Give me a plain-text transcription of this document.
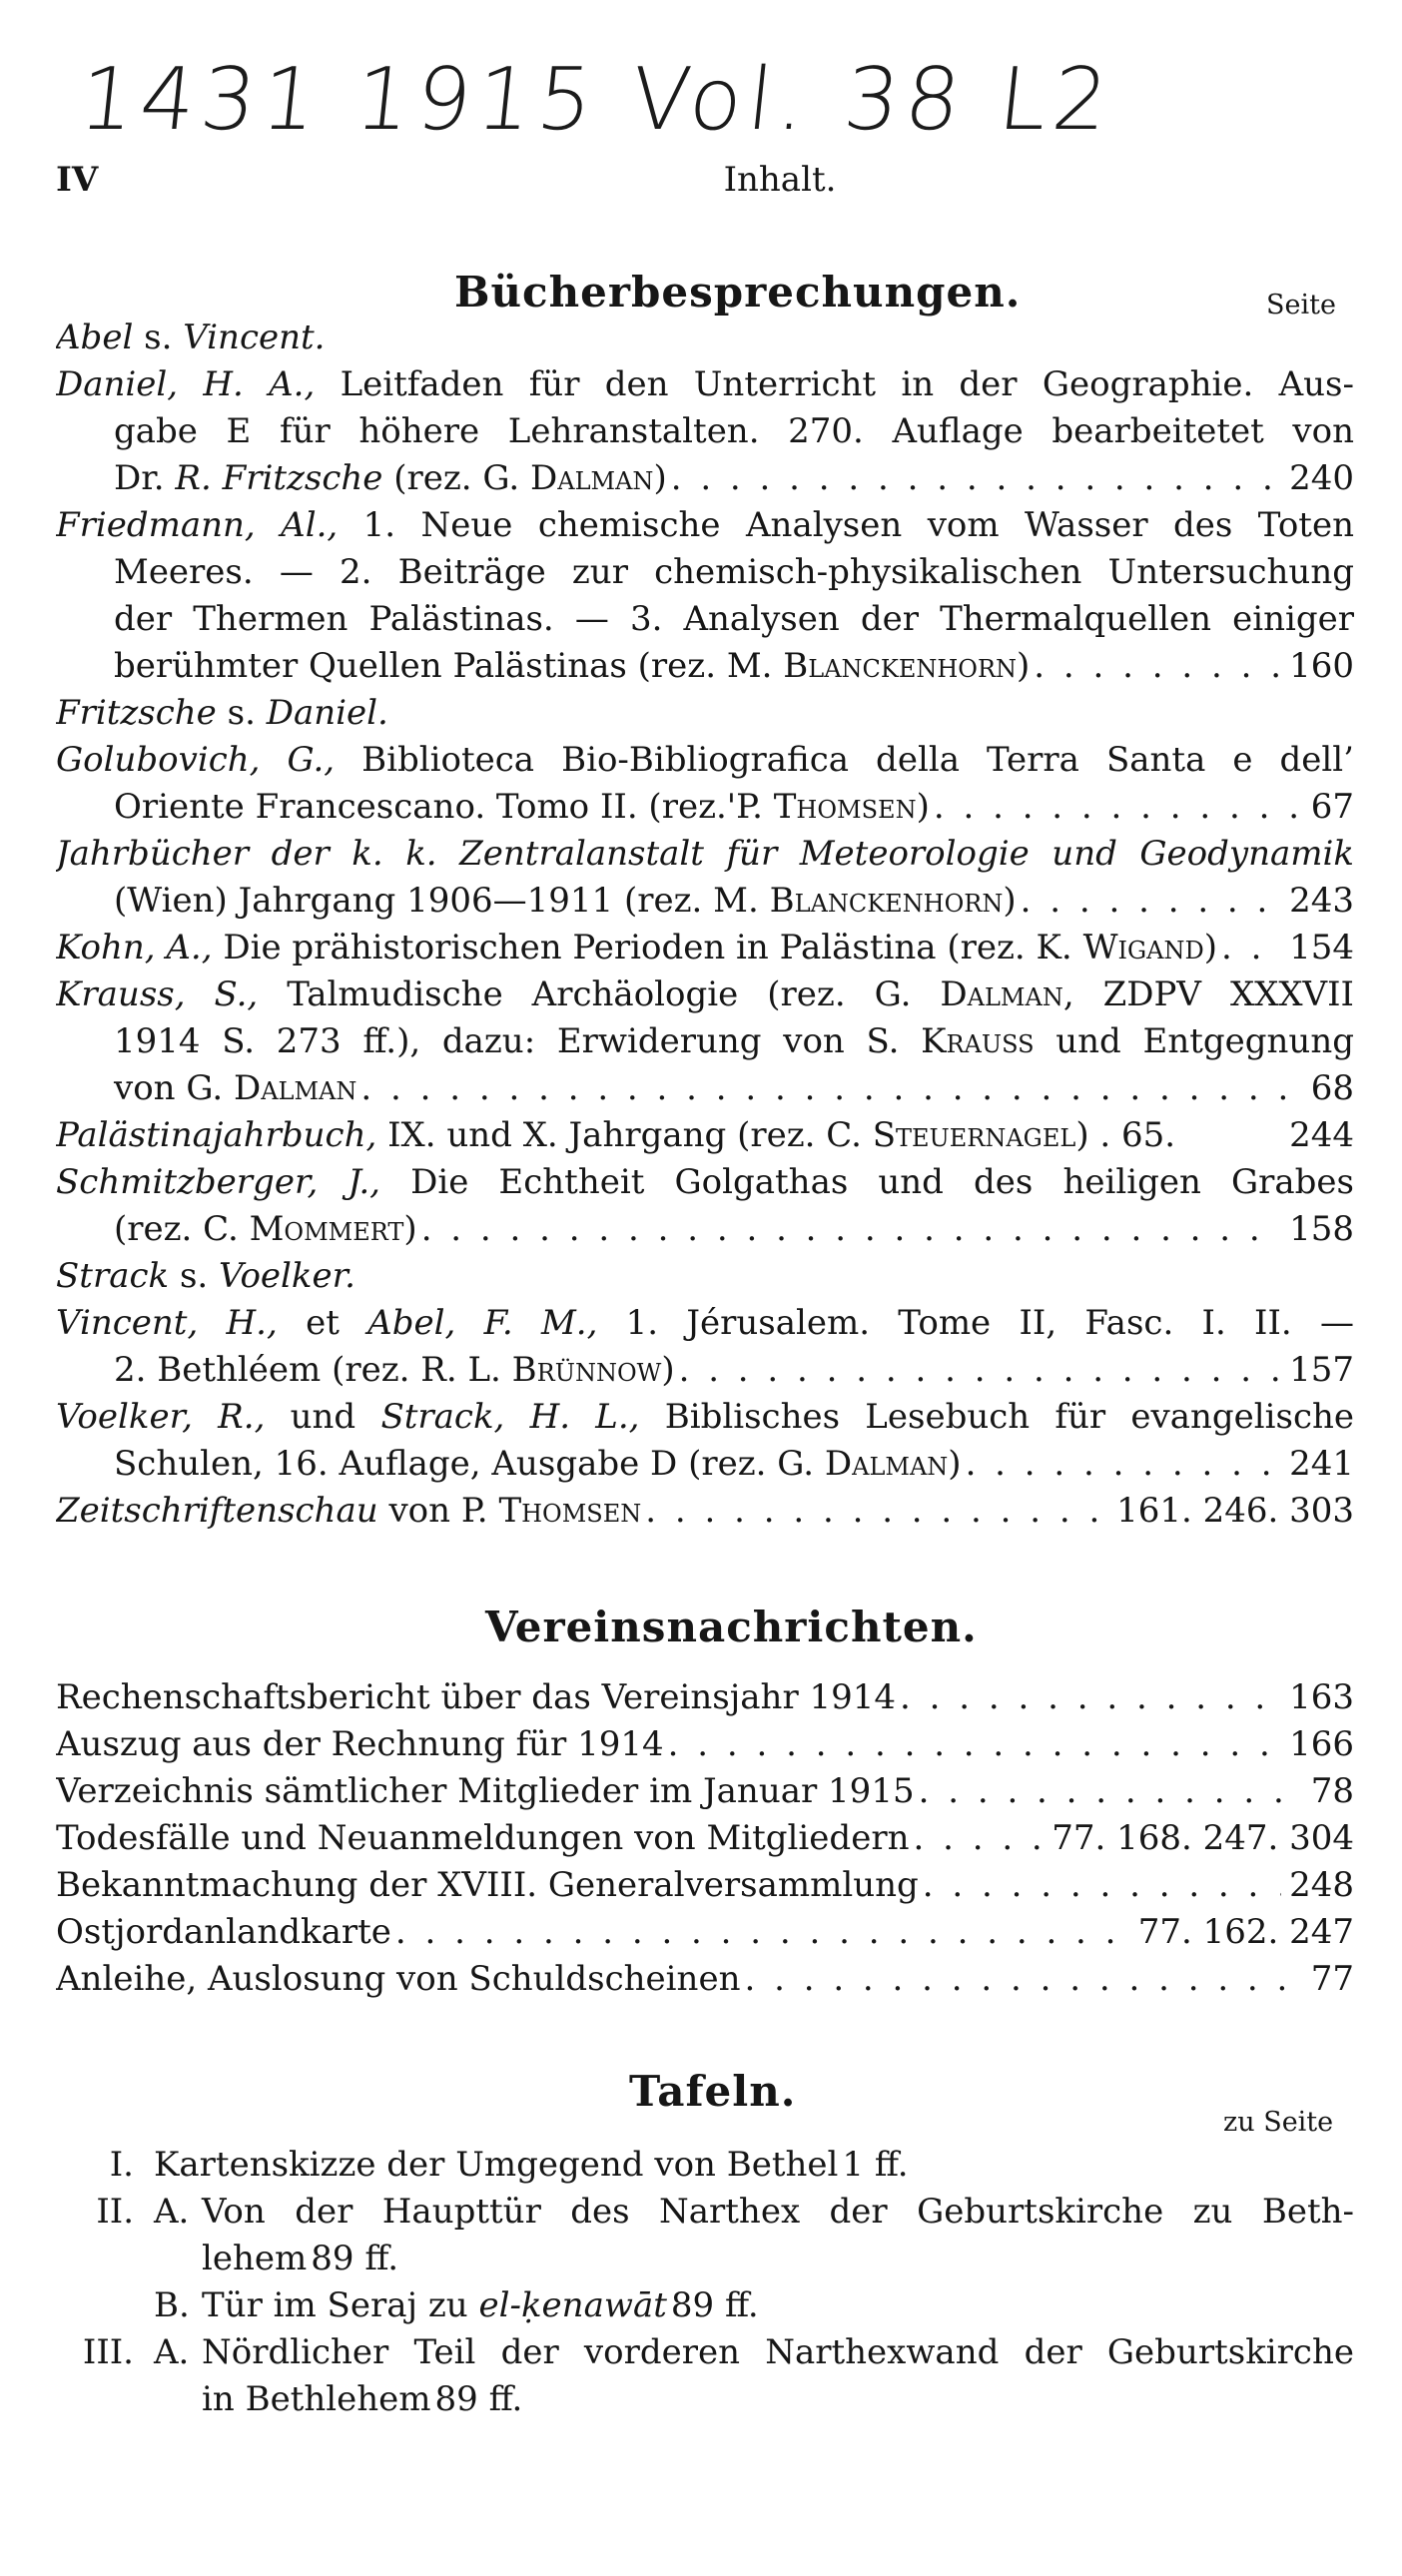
1431 1915 Vol. 38 L2
IV	Inhalt.
Bücherbesprechungen.	Seite
Abel s. Vincent.
Daniel, H. A., Leitfaden für den Unterricht in der Geographie. Aus-
gabe E für höhere Lehranstalten. 270. Auflage bearbeitetet von
Dr. R. Fritzsche (rez. G. Dalman) . . .	240
Friedmann, Al., 1. Neue chemische Analysen vom Wasser des Toten
Meeres. — 2. Beiträge zur chemisch-physikalischen Untersuchung
der Thermen Palästinas. — 3. Analysen der Thermalquellen einiger
berühmter Quellen Palästinas (rez. M. Blanckenhorn) . . .	160
Fritzsche s. Daniel.
Golubovich, G., Biblioteca Bio-Bibliografica della Terra Santa e dell’
Oriente Francescano. Tomo II. (rez.'P. Thomsen) . . .	67
Jahrbücher der k. k. Zentralanstalt für Meteorologie und Geodynamik
(Wien) Jahrgang 1906—1911 (rez. M. Blanckenhorn) . . .	243
Kohn, A., Die prähistorischen Perioden in Palästina (rez. K. Wigand) . . . 154
Krauss, S., Talmudische Archäologie (rez. G. Dalman, ZDPV XXXVII
1914 S. 273 ff.), dazu: Erwiderung von S. Krauss und Entgegnung
von G. Dalman . . .	68
Palästinajahrbuch, IX. und X. Jahrgang (rez. C. Steuernagel) . 65.	244
Schmitzberger, J., Die Echtheit Golgathas und des heiligen Grabes
(rez. C. Mommert) . . .	158
Strack s. Voelker.
Vincent, H., et Abel, F. M., 1. Jérusalem. Tome II, Fasc. I. II. —
2. Bethléem (rez. R. L. Brünnow) . . .	157
Voelker, R., und Strack, H. L., Biblisches Lesebuch für evangelische
Schulen, 16. Auflage, Ausgabe D (rez. G. Dalman) . . .	241
Zeitschriftenschau von P. Thomsen . . .	161. 246. 303
Vereinsnachrichten.
Rechenschaftsbericht über das Vereinsjahr 1914 . . .	163
Auszug aus der Rechnung für 1914 . . .	166
Verzeichnis sämtlicher Mitglieder im Januar 1915 . . .	78
Todesfälle und Neuanmeldungen von Mitgliedern . . .	77. 168. 247. 304
Bekanntmachung der XVIII. Generalversammlung . . .	248
Ostjordanlandkarte . . .	77. 162. 247
Anleihe, Auslosung von Schuldscheinen . . .	77
Tafeln.
zu Seite
I. Kartenskizze der Umgegend von Bethel 1 ff.
II. A. Von der Haupttür des Narthex der Geburtskirche zu Beth-
lehem 89 ff.
B. Tür im Seraj zu el-ḳenawāt 89 ff.
III. A. Nördlicher Teil der vorderen Narthexwand der Geburtskirche
in Bethlehem 89 ff.
